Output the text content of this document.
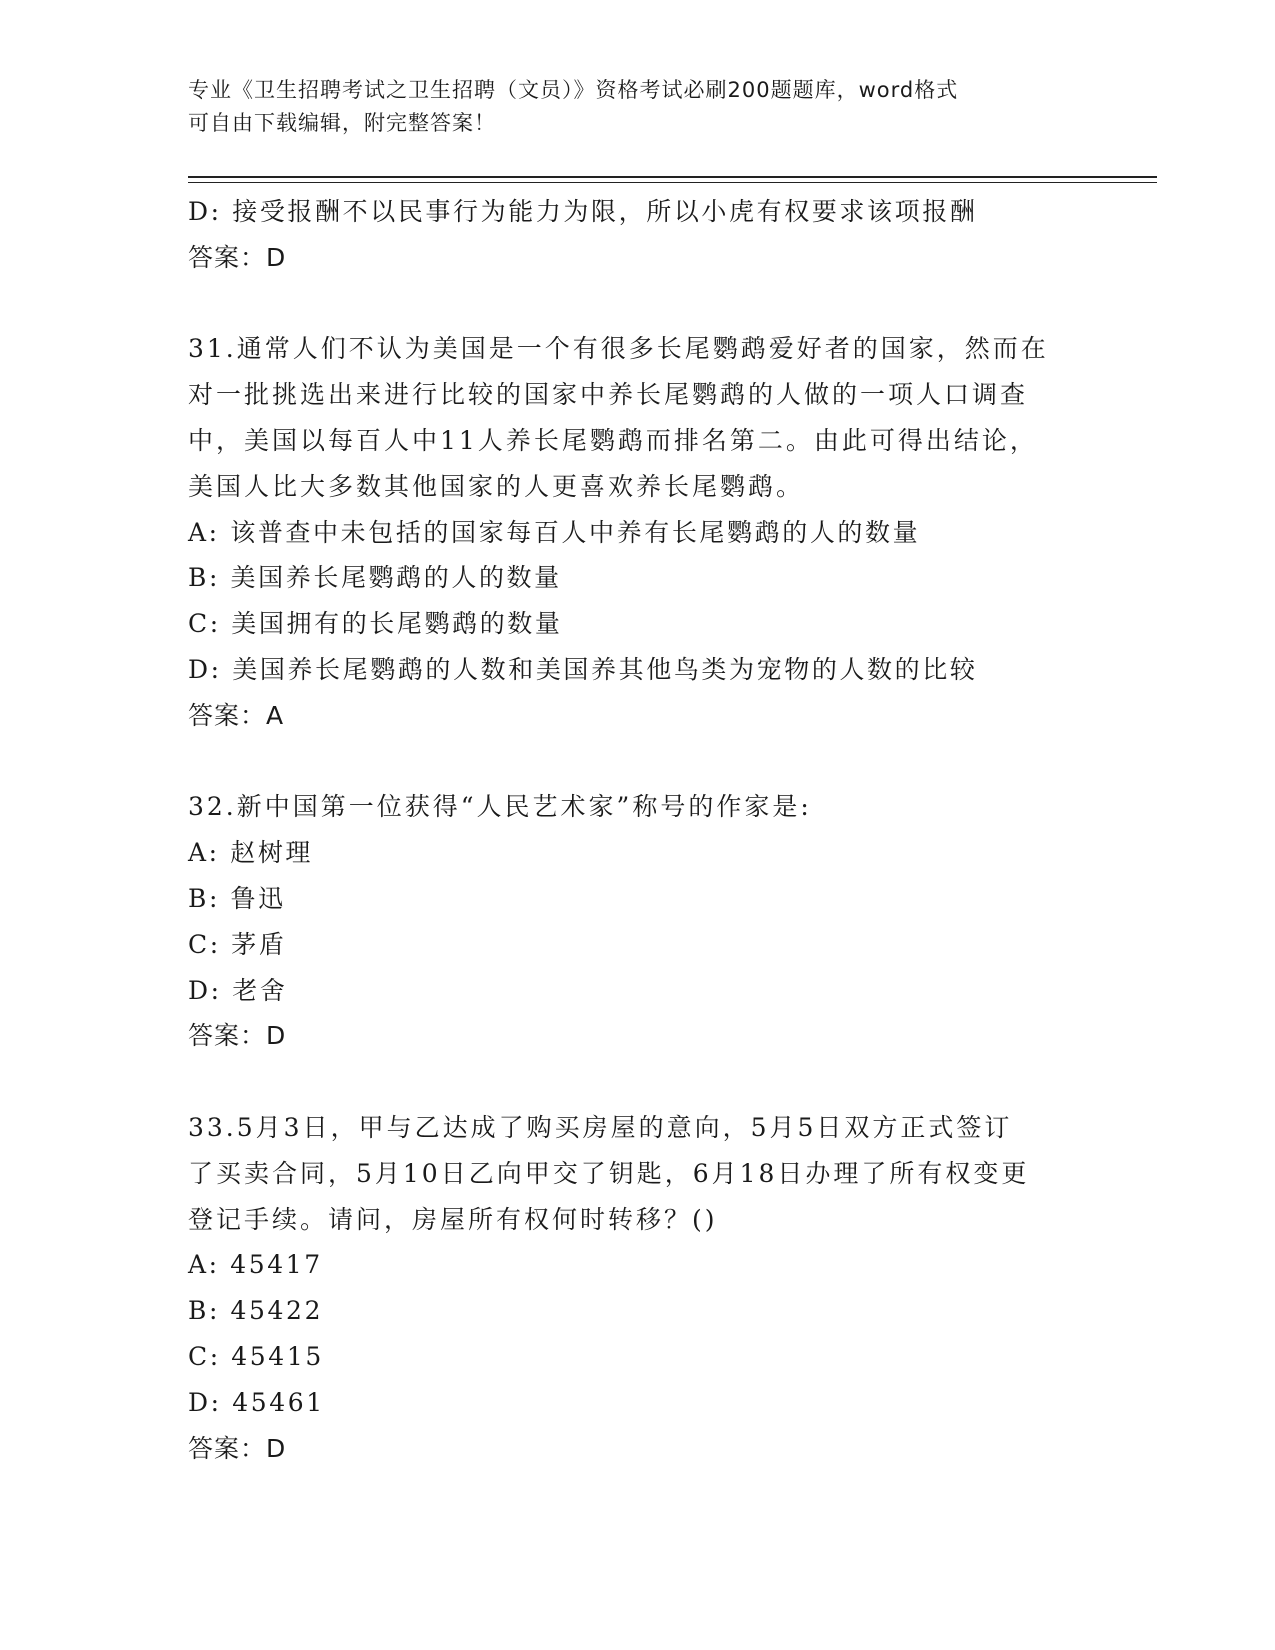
专业《卫生招聘考试之卫生招聘（文员）》资格考试必刷200题题库，word格式
可自由下载编辑，附完整答案！
D: 接受报酬不以民事行为能力为限，所以小虎有权要求该项报酬
答案：D
31.通常人们不认为美国是一个有很多长尾鹦鹉爱好者的国家，然而在
对一批挑选出来进行比较的国家中养长尾鹦鹉的人做的一项人口调查
中，美国以每百人中11人养长尾鹦鹉而排名第二。由此可得出结论，
美国人比大多数其他国家的人更喜欢养长尾鹦鹉。
A: 该普查中未包括的国家每百人中养有长尾鹦鹉的人的数量
B: 美国养长尾鹦鹉的人的数量
C: 美国拥有的长尾鹦鹉的数量
D: 美国养长尾鹦鹉的人数和美国养其他鸟类为宠物的人数的比较
答案：A
32.新中国第一位获得“人民艺术家”称号的作家是:
A: 赵树理
B: 鲁迅
C: 茅盾
D: 老舍
答案：D
33.5月3日，甲与乙达成了购买房屋的意向，5月5日双方正式签订
了买卖合同，5月10日乙向甲交了钥匙，6月18日办理了所有权变更
登记手续。请问，房屋所有权何时转移？()
A: 45417
B: 45422
C: 45415
D: 45461
答案：D
